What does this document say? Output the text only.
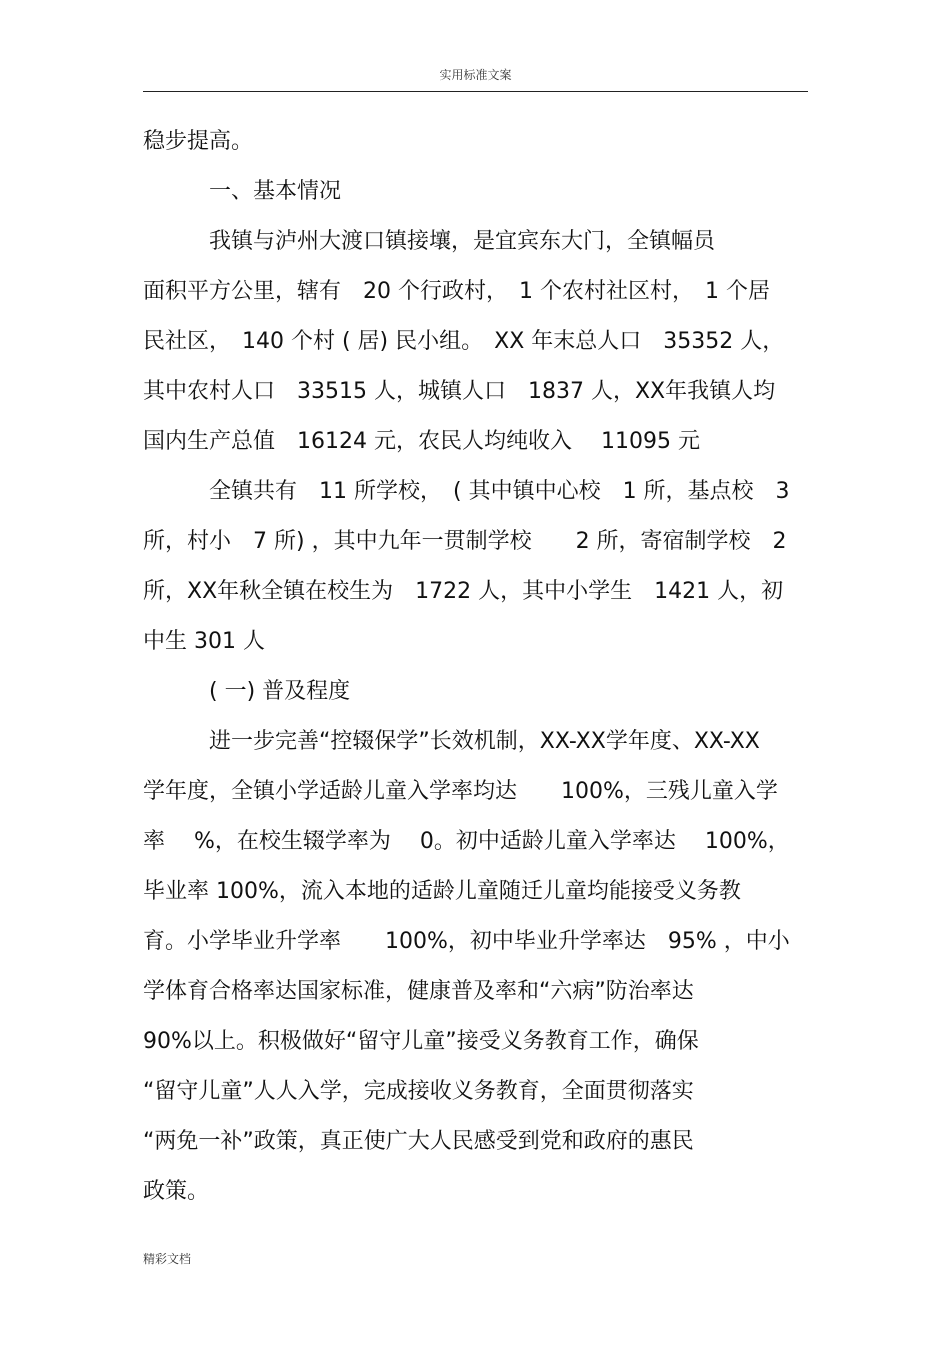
实用标准文案
稳步提高。
　　　一、基本情况
　　　我镇与泸州大渡口镇接壤，是宜宾东大门，全镇幅员
面积平方公里，辖有　20 个行政村，　1 个农村社区村，　1 个居
民社区，　140 个村 ( 居) 民小组。　XX 年末总人口　35352 人，
其中农村人口　33515 人，城镇人口　1837 人，XX年我镇人均
国内生产总值　16124 元，农民人均纯收入　 11095 元
　　　全镇共有　11 所学校，　( 其中镇中心校　1 所，基点校　3
所，村小　7 所) ，其中九年一贯制学校　　2 所，寄宿制学校　2
所，XX年秋全镇在校生为　1722 人，其中小学生　1421 人，初
中生 301 人
　　　( 一) 普及程度
　　　进一步完善“控辍保学”长效机制，XX-XX学年度、XX-XX
学年度，全镇小学适龄儿童入学率均达　　100%，三残儿童入学
率　 %，在校生辍学率为　 0。初中适龄儿童入学率达　 100%，
毕业率 100%，流入本地的适龄儿童随迁儿童均能接受义务教
育。小学毕业升学率　　100%，初中毕业升学率达　95% ，中小
学体育合格率达国家标准，健康普及率和“六病”防治率达
90%以上。积极做好“留守儿童”接受义务教育工作，确保
“留守儿童”人人入学，完成接收义务教育，全面贯彻落实
“两免一补”政策，真正使广大人民感受到党和政府的惠民
政策。
精彩文档
